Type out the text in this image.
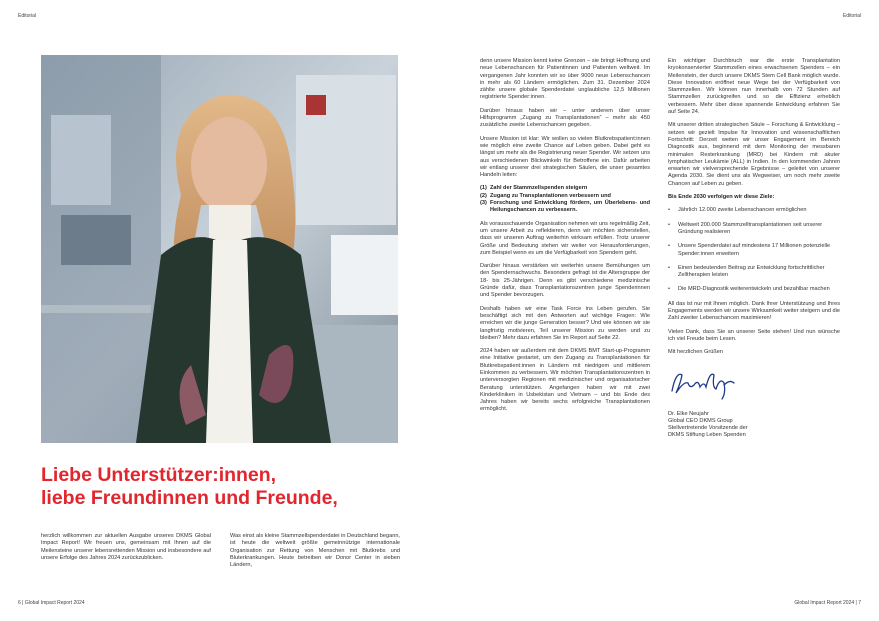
Editorial	Editorial
Liebe Unterstützer:innen,
liebe Freundinnen und Freunde,

herzlich willkommen zur aktuellen Ausgabe unseres DKMS Global Impact Report! Wir freuen uns, gemeinsam mit Ihnen auf die Meilensteine unserer lebensrettenden Mission und insbesondere auf unsere Erfolge des Jahres 2024 zurückzublicken.

Was einst als kleine Stammzellspenderdatei in Deutschland begann, ist heute die weltweit größte gemeinnützige internationale Organisation zur Rettung von Menschen mit Blutkrebs und Bluterkrankungen. Heute betreiben wir Donor Center in sieben Ländern,

denn unsere Mission kennt keine Grenzen – sie bringt Hoffnung und neue Lebenschancen für Patientinnen und Patienten weltweit. Im vergangenen Jahr konnten wir so über 9000 neue Lebenschancen in mehr als 60 Ländern ermöglichen. Zum 31. Dezember 2024 zählte unsere globale Spenderdatei unglaubliche 12,5 Millionen registrierte Spender:innen.

Darüber hinaus haben wir – unter anderem über unser Hilfsprogramm „Zugang zu Transplantationen“ – mehr als 450 zusätzliche zweite Lebenschancen gegeben.

Unsere Mission ist klar: Wir wollen so vielen Blutkrebspatient:innen wie möglich eine zweite Chance auf Leben geben. Dabei geht es längst um mehr als die Registrierung neuer Spender. Wir setzen uns aus verschiedenen Blickwinkeln für Betroffene ein. Dafür arbeiten wir entlang unserer drei strategischen Säulen, die unser gesamtes Handeln leiten:

(1) Zahl der Stammzellspenden steigern
(2) Zugang zu Transplantationen verbessern und
(3) Forschung und Entwicklung fördern, um Überlebens- und Heilungschancen zu verbessern.

Als vorausschauende Organisation nehmen wir uns regelmäßig Zeit, um unsere Arbeit zu reflektieren, denn wir möchten sicherstellen, dass wir unseren Auftrag weiterhin wirksam erfüllen. Trotz unserer Größe und Bedeutung stehen wir weiter vor Herausforderungen, zum Beispiel wenn es um die Verfügbarkeit von Spendern geht.

Darüber hinaus verstärken wir weiterhin unsere Bemühungen um den Spendernachwuchs. Besonders gefragt ist die Altersgruppe der 18- bis 25-Jährigen. Denn es gibt verschiedene medizinische Gründe dafür, dass Transplantationszentren junge Spenderinnen und Spender bevorzugen.

Deshalb haben wir eine Task Force ins Leben gerufen. Sie beschäftigt sich mit den Antworten auf wichtige Fragen: Wie erreichen wir die junge Generation besser? Und wie können wir sie langfristig motivieren, Teil unserer Mission zu werden und zu bleiben? Mehr dazu erfahren Sie im Report auf Seite 22.

2024 haben wir außerdem mit dem DKMS BMT Start-up-Programm eine Initiative gestartet, um den Zugang zu Transplantationen für Blutkrebspatient:innen in Ländern mit niedrigem und mittlerem Einkommen zu verbessern. Wir möchten Transplantationszentren in unterversorgten Regionen mit medizinischer und organisatorischer Beratung unterstützen. Angefangen haben wir mit zwei Kinderkliniken in Usbekistan und Vietnam – und bis Ende des Jahres haben wir bereits sechs erfolgreiche Transplantationen ermöglicht.

Ein wichtiger Durchbruch war die erste Transplantation kryokonservierter Stammzellen eines erwachsenen Spenders – ein Meilenstein, der durch unsere DKMS Stem Cell Bank möglich wurde. Diese Innovation eröffnet neue Wege bei der Verfügbarkeit von Stammzellen. Wir können nun innerhalb von 72 Stunden auf Stammzellen zurückgreifen und so die Effizienz erheblich verbessern. Mehr über diese spannende Entwicklung erfahren Sie auf Seite 24.

Mit unserer dritten strategischen Säule – Forschung & Entwicklung – setzen wir gezielt Impulse für Innovation und wissenschaftlichen Fortschritt: Derzeit weiten wir unser Engagement im Bereich Diagnostik aus, beginnend mit dem Monitoring der messbaren minimalen Resterkrankung (MRD) bei Kindern mit akuter lymphatischer Leukämie (ALL) in Indien. In den kommenden Jahren erwarten wir vielversprechende Ergebnisse – geleitet von unserer Agenda 2030. Sie dient uns als Wegweiser, um noch mehr zweite Chancen auf Leben zu geben.

Bis Ende 2030 verfolgen wir diese Ziele:

•	Jährlich 12.000 zweite Lebenschancen ermöglichen
•	Weltweit 200.000 Stammzelltransplantationen seit unserer Gründung realisieren
•	Unsere Spenderdatei auf mindestens 17 Millionen potenzielle Spender:innen erweitern
•	Einen bedeutenden Beitrag zur Entwicklung fortschrittlicher Zelltherapien leisten
•	Die MRD-Diagnostik weiterentwickeln und bezahlbar machen

All das ist nur mit Ihnen möglich. Dank Ihrer Unterstützung und Ihres Engagements werden wir unsere Wirksamkeit weiter steigern und die Zahl zweiter Lebenschancen maximieren!

Vielen Dank, dass Sie an unserer Seite stehen! Und nun wünsche ich viel Freude beim Lesen.

Mit herzlichen Grüßen

Dr. Elke Neujahr
Global CEO DKMS Group
Stellvertretende Vorsitzende der
DKMS Stiftung Leben Spenden
6 | Global Impact Report 2024	Global Impact Report 2024 | 7
